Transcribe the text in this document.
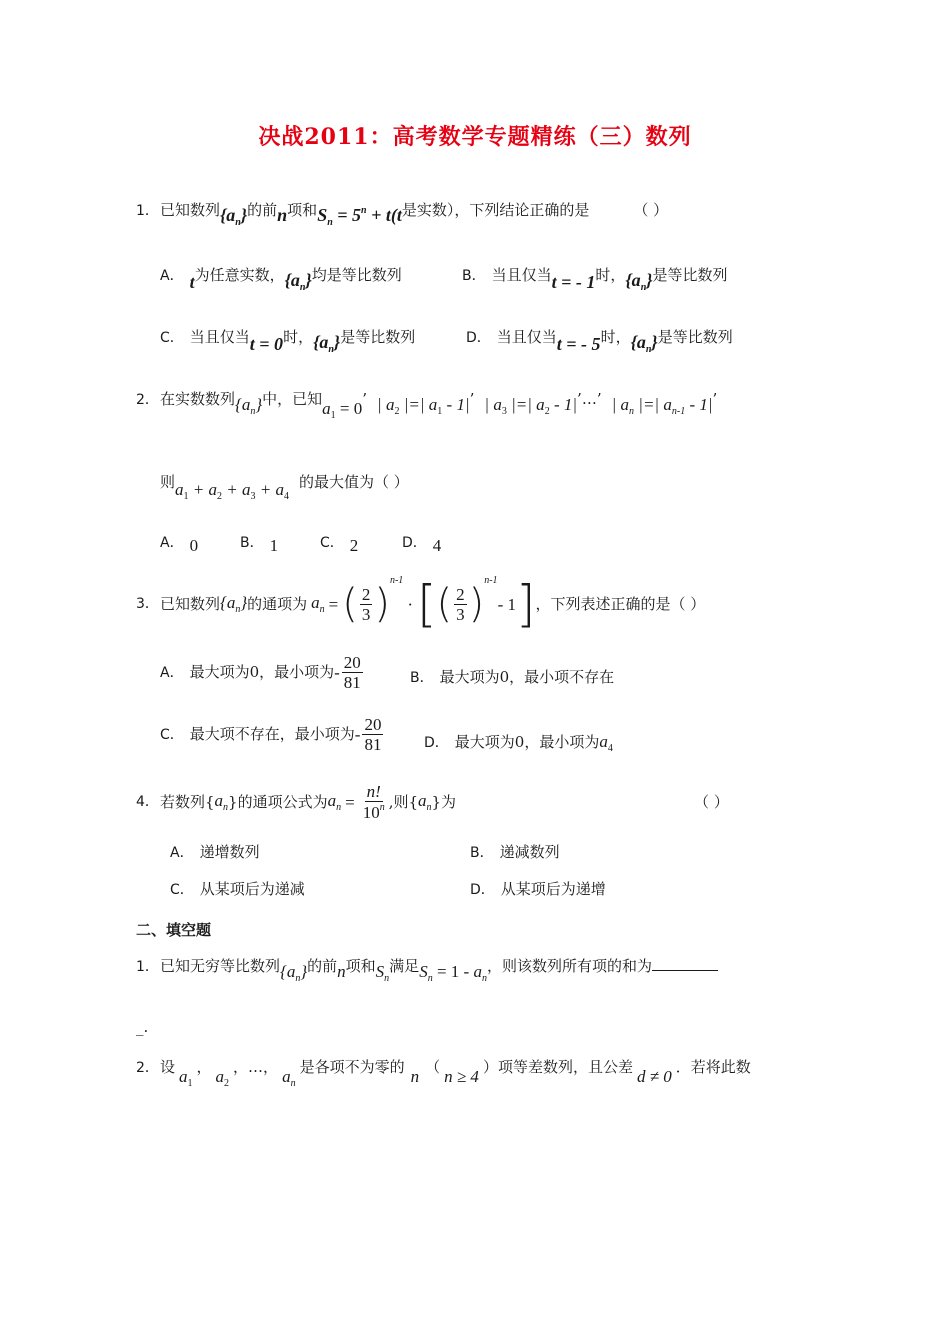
决战2011：高考数学专题精练（三）数列
1．已知数列$\{a_n\}$的前n项和$S_n = 5^n + t(t$是实数），下列结论正确的是	（ ）
A． t为任意实数，$\{a_n\}$均是等比数列	B． 当且仅当t = - 1时，$\{a_n\}$是等比数列
C． 当且仅当t = 0时，$\{a_n\}$是等比数列	D． 当且仅当t = - 5时，$\{a_n\}$是等比数列
2．在实数数列$\{a_n\}$中，已知$a_1 = 0$’ | $a_2$ |=| $a_1 - 1|$’ | $a_3$ |=| $a_2$ - 1|’…’ | $a_n$ |=| $a_{n-1} - 1|$’
则$a_1 + a_2 + a_3 + a_4$的最大值为（ ）
A． 0	B． 1	C． 2	D． 4
3． 已知数列 $\{a_n\}$ 的通项为 $a_n$ = ( $\frac{2}{3}$ )
n-1
· [ ( $\frac{2}{3}$ )
n-1
- 1 ] ，下列表述正确的是（ ）
A． 最大项为0，最小项为 - $\frac{20}{81}$	B． 最大项为0，最小项不存在
C． 最大项不存在，最小项为 - $\frac{20}{81}$	D． 最大项为0，最小项为$a_4$
4． 若数列{ $a_n$ }的通项公式为 $a_n = \frac{n!}{10^n}$ ,则{ $a_n$ }为	（ ）
A． 递增数列	B． 递减数列
C． 从某项后为递减	D． 从某项后为递增
二、填空题
1．已知无穷等比数列$\{a_n\}$的前n项和$S_n$满足$S_n = 1 - a_n$，则该数列所有项的和为
_.
2．设 $a_1$， $a_2$，…， $a_n$是各项不为零的 n （ n ≥ 4 ）项等差数列，且公差 d ≠ 0 ．若将此数
